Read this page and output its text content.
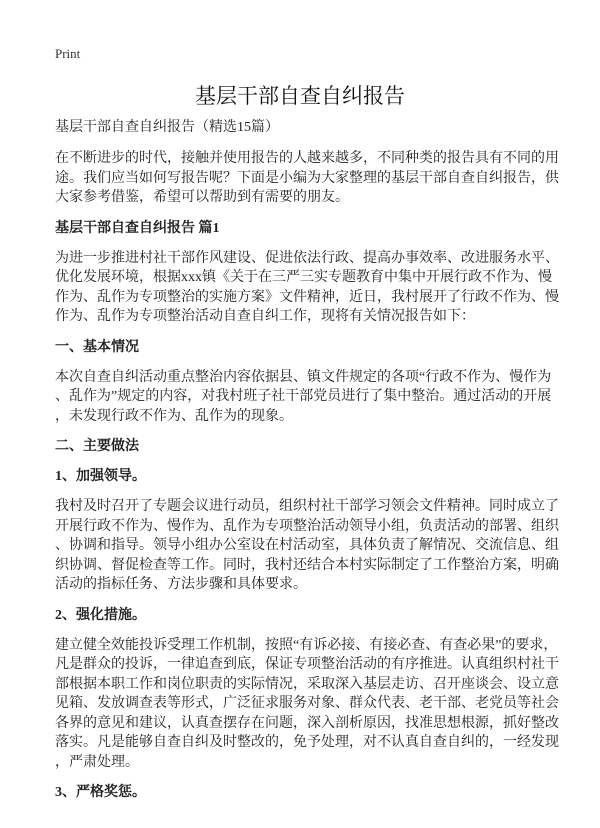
Print
基层干部自查自纠报告
基层干部自查自纠报告（精选15篇）
在不断进步的时代，接触并使用报告的人越来越多，不同种类的报告具有不同的用
途。我们应当如何写报告呢？下面是小编为大家整理的基层干部自查自纠报告，供
大家参考借鉴，希望可以帮助到有需要的朋友。
基层干部自查自纠报告 篇1
为进一步推进村社干部作风建设、促进依法行政、提高办事效率、改进服务水平、
优化发展环境，根据xxx镇《关于在三严三实专题教育中集中开展行政不作为、慢
作为、乱作为专项整治的实施方案》文件精神，近日，我村展开了行政不作为、慢
作为、乱作为专项整治活动自查自纠工作，现将有关情况报告如下：
一、基本情况
本次自查自纠活动重点整治内容依据县、镇文件规定的各项“行政不作为、慢作为
、乱作为”规定的内容，对我村班子社干部党员进行了集中整治。通过活动的开展
，未发现行政不作为、乱作为的现象。
二、主要做法
1、加强领导。
我村及时召开了专题会议进行动员，组织村社干部学习领会文件精神。同时成立了
开展行政不作为、慢作为、乱作为专项整治活动领导小组，负责活动的部署、组织
、协调和指导。领导小组办公室设在村活动室，具体负责了解情况、交流信息、组
织协调、督促检查等工作。同时，我村还结合本村实际制定了工作整治方案，明确
活动的指标任务、方法步骤和具体要求。
2、强化措施。
建立健全效能投诉受理工作机制，按照“有诉必接、有接必查、有查必果”的要求，
凡是群众的投诉，一律追查到底，保证专项整治活动的有序推进。认真组织村社干
部根据本职工作和岗位职责的实际情况，采取深入基层走访、召开座谈会、设立意
见箱、发放调查表等形式，广泛征求服务对象、群众代表、老干部、老党员等社会
各界的意见和建议，认真查摆存在问题，深入剖析原因，找准思想根源，抓好整改
落实。凡是能够自查自纠及时整改的，免予处理，对不认真自查自纠的，一经发现
，严肃处理。
3、严格奖惩。
